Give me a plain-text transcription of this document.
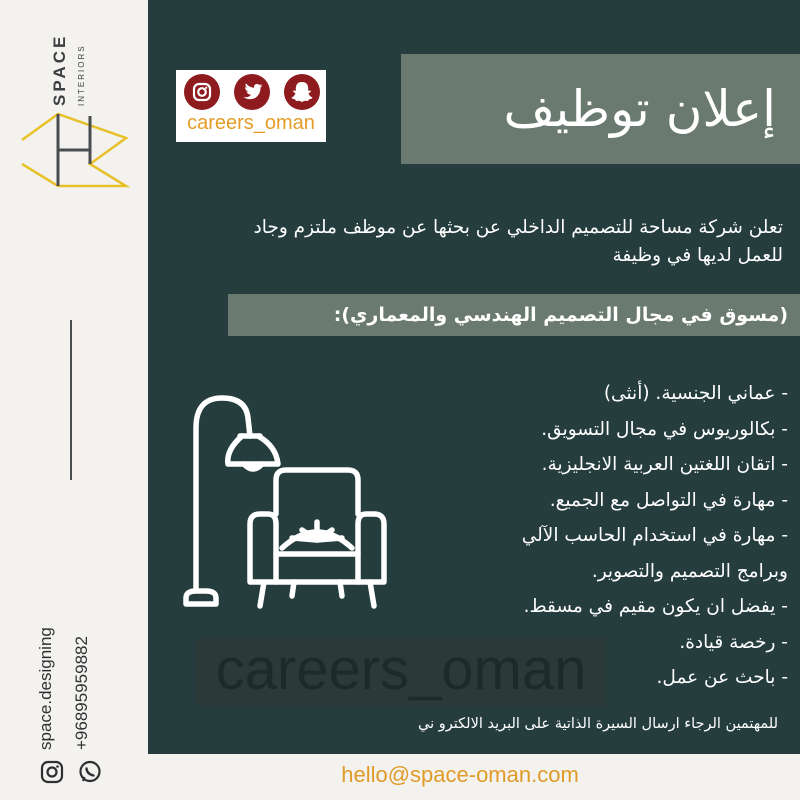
SPACE	INTERIORS
space.designing +96895959882
careers_oman	إعلان توظيف
تعلن شركة مساحة للتصميم الداخلي عن بحثها عن موظف ملتزم وجاد للعمل لديها في وظيفة
(مسوق في مجال التصميم الهندسي والمعماري):
- عماني الجنسية. (أنثى)
- بكالوريوس في مجال التسويق.
- اتقان اللغتين العربية الانجليزية.
- مهارة في التواصل مع الجميع.
- مهارة في استخدام الحاسب الآلي
وبرامج التصميم والتصوير.
- يفضل ان يكون مقيم في مسقط.
- رخصة قيادة.
- باحث عن عمل.
careers_oman
للمهتمين الرجاء ارسال السيرة الذاتية على البريد الالكترو ني
hello@space-oman.com
